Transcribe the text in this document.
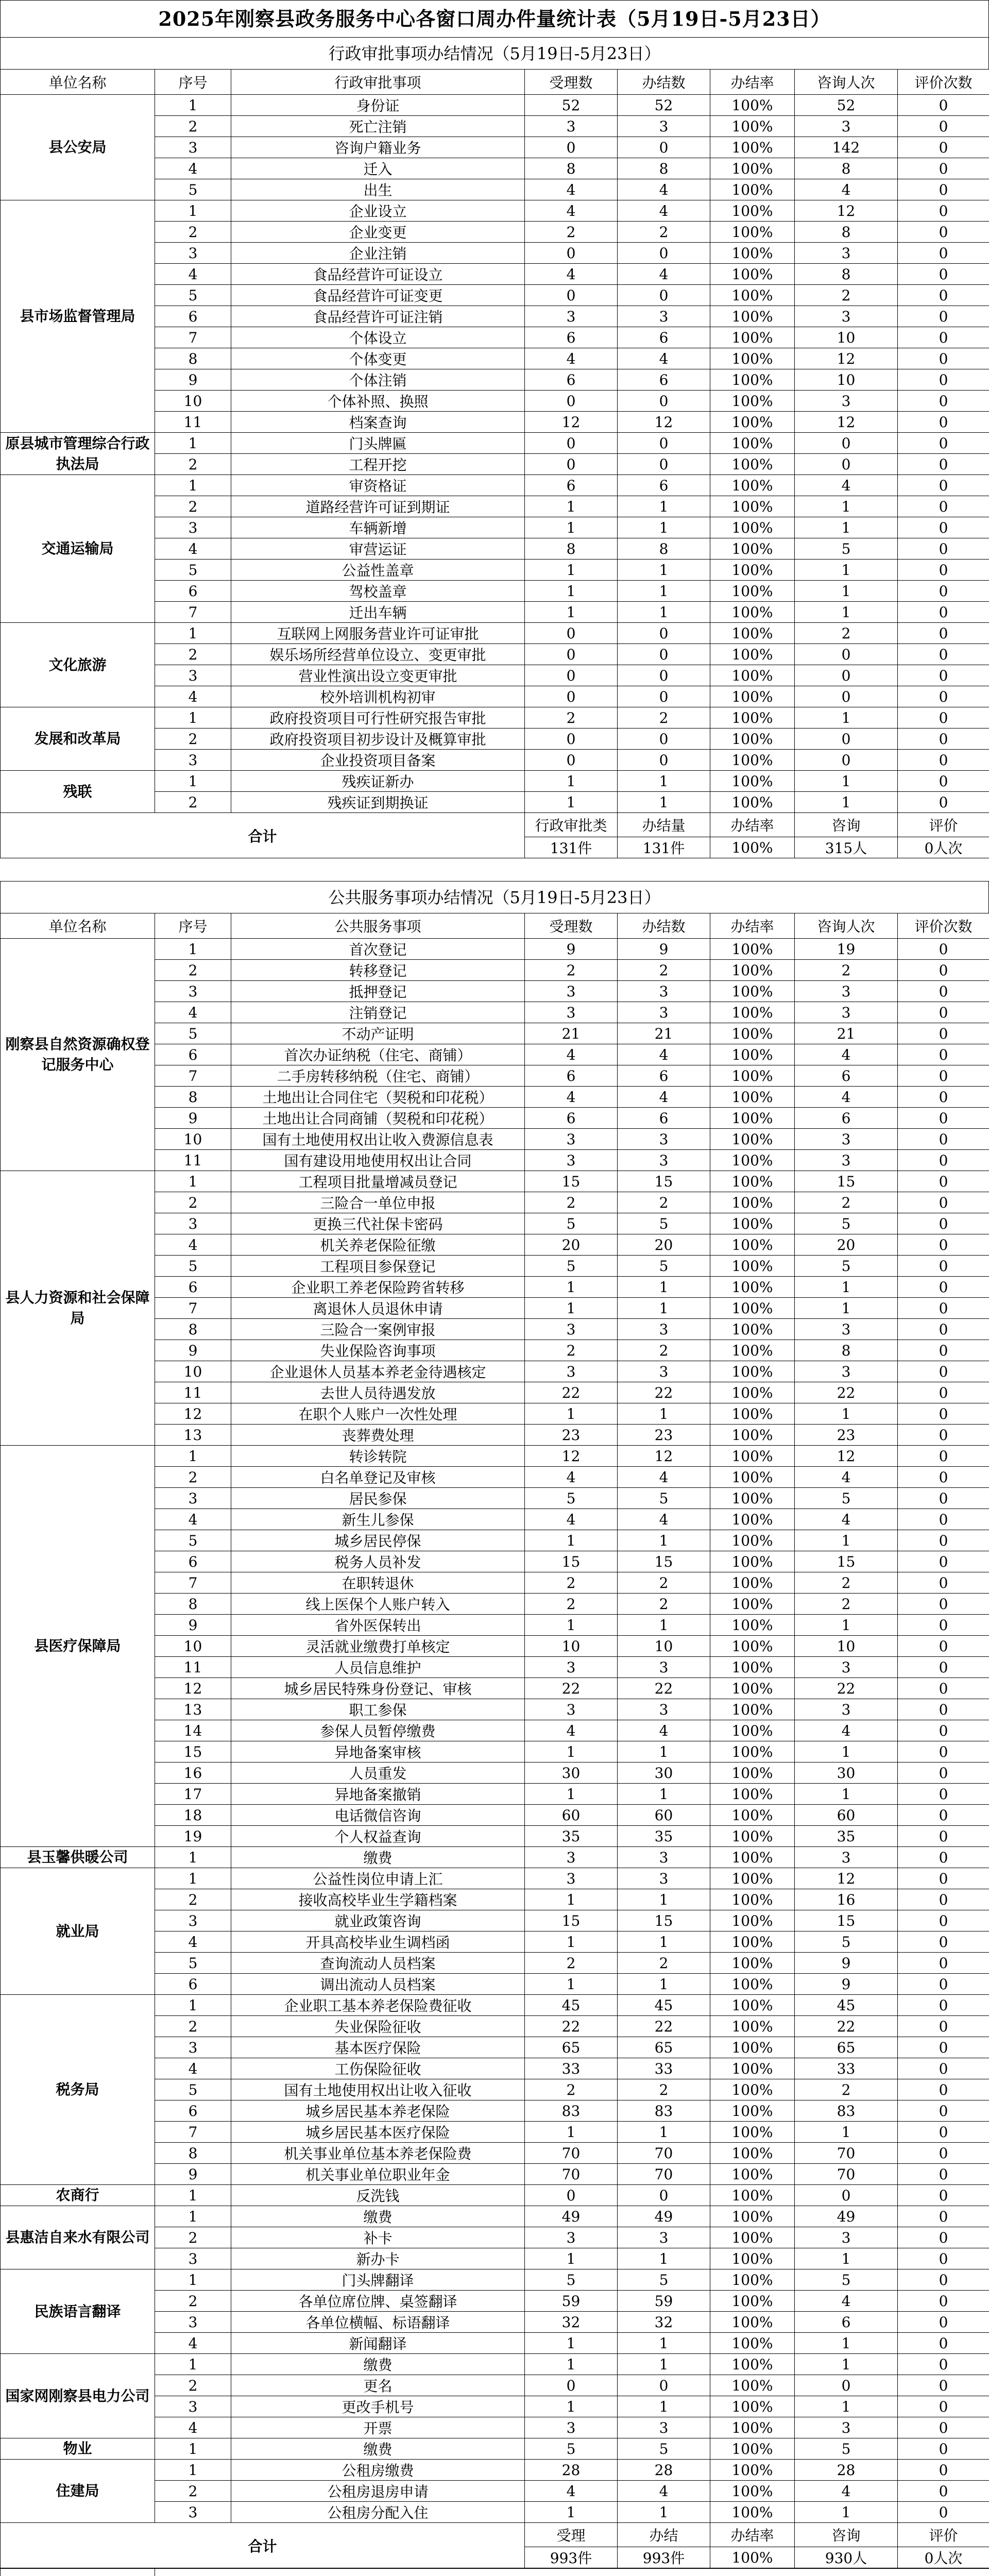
2025年刚察县政务服务中心各窗口周办件量统计表（5月19日-5月23日）
行政审批事项办结情况（5月19日-5月23日）
单位名称	序号	行政审批事项	受理数	办结数	办结率	咨询人次	评价次数
县公安局	1	身份证	52	52	100%	52	0
	2	死亡注销	3	3	100%	3	0
	3	咨询户籍业务	0	0	100%	142	0
	4	迁入	8	8	100%	8	0
	5	出生	4	4	100%	4	0
县市场监督管理局	1	企业设立	4	4	100%	12	0
	2	企业变更	2	2	100%	8	0
	3	企业注销	0	0	100%	3	0
	4	食品经营许可证设立	4	4	100%	8	0
	5	食品经营许可证变更	0	0	100%	2	0
	6	食品经营许可证注销	3	3	100%	3	0
	7	个体设立	6	6	100%	10	0
	8	个体变更	4	4	100%	12	0
	9	个体注销	6	6	100%	10	0
	10	个体补照、换照	0	0	100%	3	0
	11	档案查询	12	12	100%	12	0
原县城市管理综合行政执法局	1	门头牌匾	0	0	100%	0	0
	2	工程开挖	0	0	100%	0	0
交通运输局	1	审资格证	6	6	100%	4	0
	2	道路经营许可证到期证	1	1	100%	1	0
	3	车辆新增	1	1	100%	1	0
	4	审营运证	8	8	100%	5	0
	5	公益性盖章	1	1	100%	1	0
	6	驾校盖章	1	1	100%	1	0
	7	迁出车辆	1	1	100%	1	0
文化旅游	1	互联网上网服务营业许可证审批	0	0	100%	2	0
	2	娱乐场所经营单位设立、变更审批	0	0	100%	0	0
	3	营业性演出设立变更审批	0	0	100%	0	0
	4	校外培训机构初审	0	0	100%	0	0
发展和改革局	1	政府投资项目可行性研究报告审批	2	2	100%	1	0
	2	政府投资项目初步设计及概算审批	0	0	100%	0	0
	3	企业投资项目备案	0	0	100%	0	0
残联	1	残疾证新办	1	1	100%	1	0
	2	残疾证到期换证	1	1	100%	1	0
合计			行政审批类	办结量	办结率	咨询	评价
			131件	131件	100%	315人	0人次
公共服务事项办结情况（5月19日-5月23日）
单位名称	序号	公共服务事项	受理数	办结数	办结率	咨询人次	评价次数
刚察县自然资源确权登记服务中心	1	首次登记	9	9	100%	19	0
	2	转移登记	2	2	100%	2	0
	3	抵押登记	3	3	100%	3	0
	4	注销登记	3	3	100%	3	0
	5	不动产证明	21	21	100%	21	0
	6	首次办证纳税（住宅、商铺）	4	4	100%	4	0
	7	二手房转移纳税（住宅、商铺）	6	6	100%	6	0
	8	土地出让合同住宅（契税和印花税）	4	4	100%	4	0
	9	土地出让合同商铺（契税和印花税）	6	6	100%	6	0
	10	国有土地使用权出让收入费源信息表	3	3	100%	3	0
	11	国有建设用地使用权出让合同	3	3	100%	3	0
县人力资源和社会保障局	1	工程项目批量增减员登记	15	15	100%	15	0
	2	三险合一单位申报	2	2	100%	2	0
	3	更换三代社保卡密码	5	5	100%	5	0
	4	机关养老保险征缴	20	20	100%	20	0
	5	工程项目参保登记	5	5	100%	5	0
	6	企业职工养老保险跨省转移	1	1	100%	1	0
	7	离退休人员退休申请	1	1	100%	1	0
	8	三险合一案例审报	3	3	100%	3	0
	9	失业保险咨询事项	2	2	100%	8	0
	10	企业退休人员基本养老金待遇核定	3	3	100%	3	0
	11	去世人员待遇发放	22	22	100%	22	0
	12	在职个人账户一次性处理	1	1	100%	1	0
	13	丧葬费处理	23	23	100%	23	0
县医疗保障局	1	转诊转院	12	12	100%	12	0
	2	白名单登记及审核	4	4	100%	4	0
	3	居民参保	5	5	100%	5	0
	4	新生儿参保	4	4	100%	4	0
	5	城乡居民停保	1	1	100%	1	0
	6	税务人员补发	15	15	100%	15	0
	7	在职转退休	2	2	100%	2	0
	8	线上医保个人账户转入	2	2	100%	2	0
	9	省外医保转出	1	1	100%	1	0
	10	灵活就业缴费打单核定	10	10	100%	10	0
	11	人员信息维护	3	3	100%	3	0
	12	城乡居民特殊身份登记、审核	22	22	100%	22	0
	13	职工参保	3	3	100%	3	0
	14	参保人员暂停缴费	4	4	100%	4	0
	15	异地备案审核	1	1	100%	1	0
	16	人员重发	30	30	100%	30	0
	17	异地备案撤销	1	1	100%	1	0
	18	电话微信咨询	60	60	100%	60	0
	19	个人权益查询	35	35	100%	35	0
县玉馨供暖公司	1	缴费	3	3	100%	3	0
就业局	1	公益性岗位申请上汇	3	3	100%	12	0
	2	接收高校毕业生学籍档案	1	1	100%	16	0
	3	就业政策咨询	15	15	100%	15	0
	4	开具高校毕业生调档函	1	1	100%	5	0
	5	查询流动人员档案	2	2	100%	9	0
	6	调出流动人员档案	1	1	100%	9	0
税务局	1	企业职工基本养老保险费征收	45	45	100%	45	0
	2	失业保险征收	22	22	100%	22	0
	3	基本医疗保险	65	65	100%	65	0
	4	工伤保险征收	33	33	100%	33	0
	5	国有土地使用权出让收入征收	2	2	100%	2	0
	6	城乡居民基本养老保险	83	83	100%	83	0
	7	城乡居民基本医疗保险	1	1	100%	1	0
	8	机关事业单位基本养老保险费	70	70	100%	70	0
	9	机关事业单位职业年金	70	70	100%	70	0
农商行	1	反洗钱	0	0	100%	0	0
县惠洁自来水有限公司	1	缴费	49	49	100%	49	0
	2	补卡	3	3	100%	3	0
	3	新办卡	1	1	100%	1	0
民族语言翻译	1	门头牌翻译	5	5	100%	5	0
	2	各单位席位牌、桌签翻译	59	59	100%	4	0
	3	各单位横幅、标语翻译	32	32	100%	6	0
	4	新闻翻译	1	1	100%	1	0
国家网刚察县电力公司	1	缴费	1	1	100%	1	0
	2	更名	0	0	100%	0	0
	3	更改手机号	1	1	100%	1	0
	4	开票	3	3	100%	3	0
物业	1	缴费	5	5	100%	5	0
住建局	1	公租房缴费	28	28	100%	28	0
	2	公租房退房申请	4	4	100%	4	0
	3	公租房分配入住	1	1	100%	1	0
合计			受理	办结	办结率	咨询	评价
			993件	993件	100%	930人	0人次
